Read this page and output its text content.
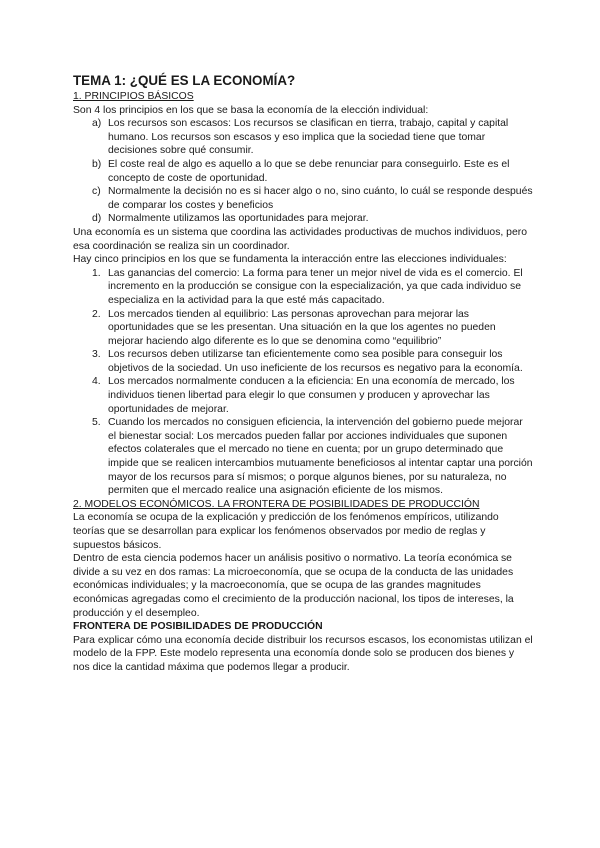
TEMA 1: ¿QUÉ ES LA ECONOMÍA?

1. PRINCIPIOS BÁSICOS

Son 4 los principios en los que se basa la economía de la elección individual:

a) Los recursos son escasos: Los recursos se clasifican en tierra, trabajo, capital y capital humano. Los recursos son escasos y eso implica que la sociedad tiene que tomar decisiones sobre qué consumir.
b) El coste real de algo es aquello a lo que se debe renunciar para conseguirlo. Este es el concepto de coste de oportunidad.
c) Normalmente la decisión no es si hacer algo o no, sino cuánto, lo cuál se responde después de comparar los costes y beneficios
d) Normalmente utilizamos las oportunidades para mejorar.

Una economía es un sistema que coordina las actividades productivas de muchos individuos, pero esa coordinación se realiza sin un coordinador.

Hay cinco principios en los que se fundamenta la interacción entre las elecciones individuales:

1. Las ganancias del comercio: La forma para tener un mejor nivel de vida es el comercio. El incremento en la producción se consigue con la especialización, ya que cada individuo se especializa en la actividad para la que esté más capacitado.
2. Los mercados tienden al equilibrio: Las personas aprovechan para mejorar las oportunidades que se les presentan. Una situación en la que los agentes no pueden mejorar haciendo algo diferente es lo que se denomina como “equilibrio”
3. Los recursos deben utilizarse tan eficientemente como sea posible para conseguir los objetivos de la sociedad. Un uso ineficiente de los recursos es negativo para la economía.
4. Los mercados normalmente conducen a la eficiencia: En una economía de mercado, los individuos tienen libertad para elegir lo que consumen y producen y aprovechar las oportunidades de mejorar.
5. Cuando los mercados no consiguen eficiencia, la intervención del gobierno puede mejorar el bienestar social: Los mercados pueden fallar por acciones individuales que suponen efectos colaterales que el mercado no tiene en cuenta; por un grupo determinado que impide que se realicen intercambios mutuamente beneficiosos al intentar captar una porción mayor de los recursos para sí mismos; o porque algunos bienes, por su naturaleza, no permiten que el mercado realice una asignación eficiente de los mismos.

2. MODELOS ECONÓMICOS. LA FRONTERA DE POSIBILIDADES DE PRODUCCIÓN

La economía se ocupa de la explicación y predicción de los fenómenos empíricos, utilizando teorías que se desarrollan para explicar los fenómenos observados por medio de reglas y supuestos básicos.

Dentro de esta ciencia podemos hacer un análisis positivo o normativo. La teoría económica se divide a su vez en dos ramas: La microeconomía, que se ocupa de la conducta de las unidades económicas individuales; y la macroeconomía, que se ocupa de las grandes magnitudes económicas agregadas como el crecimiento de la producción nacional, los tipos de intereses, la producción y el desempleo.

FRONTERA DE POSIBILIDADES DE PRODUCCIÓN

Para explicar cómo una economía decide distribuir los recursos escasos, los economistas utilizan el modelo de la FPP. Este modelo representa una economía donde solo se producen dos bienes y nos dice la cantidad máxima que podemos llegar a producir.
